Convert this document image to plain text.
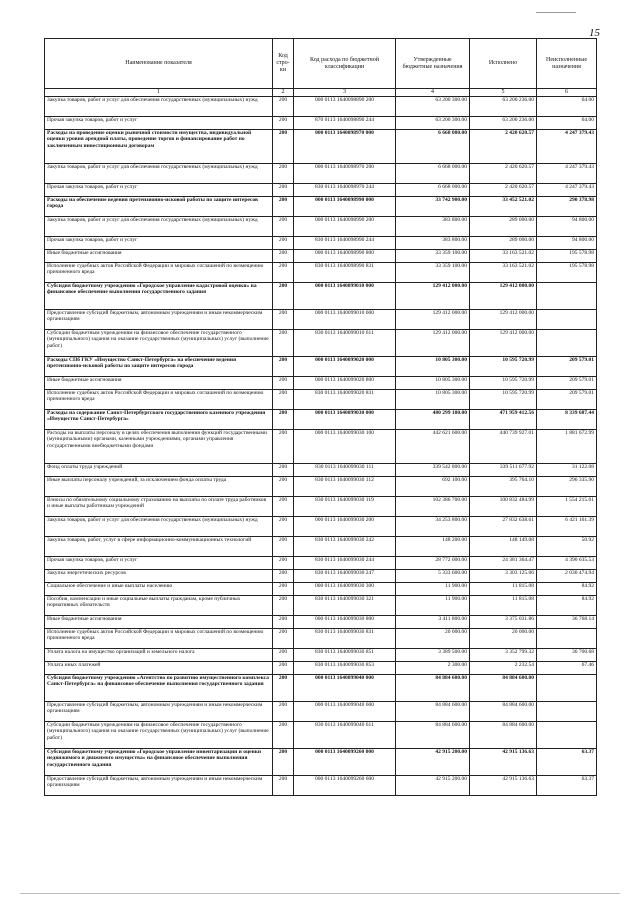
15
Наименование показателя	Код стро-ки	Код расхода по бюджетной классификации	Утвержденные бюджетные назначения	Исполнено	Неисполненные назначения
1	2	3	4	5	6
Закупка товаров, работ и услуг для обеспечения государственных (муниципальных) нужд	200	000 0113 1640098890 200	63 200 300.00	63 200 236.00	64.00
Прочая закупка товаров, работ и услуг	200	870 0113 1640098890 244	63 200 300.00	63 200 236.00	64.00
Расходы на проведение оценки рыночной стоимости имущества, индивидуальной оценки уровня арендной платы, проведение торгов и финансирование работ по заключенным инвестиционным договорам	200	000 0113 1640098970 000	6 668 000.00	2 420 620.57	4 247 379.43
Закупка товаров, работ и услуг для обеспечения государственных (муниципальных) нужд	200	000 0113 1640098970 200	6 668 000.00	2 420 620.57	4 247 379.43
Прочая закупка товаров, работ и услуг	200	830 0113 1640098970 244	6 668 000.00	2 420 620.57	4 247 379.43
Расходы на обеспечение ведения претензионно-исковой работы по защите интересов города	200	000 0113 1640098990 000	33 742 900.00	33 452 521.02	290 378.98
Закупка товаров, работ и услуг для обеспечения государственных (муниципальных) нужд	200	000 0113 1640098990 200	383 800.00	289 000.00	94 800.00
Прочая закупка товаров, работ и услуг	200	830 0113 1640098990 244	383 800.00	289 000.00	94 800.00
Иные бюджетные ассигнования	200	000 0113 1640098990 800	33 359 100.00	33 163 521.02	195 578.98
Исполнение судебных актов Российской Федерации и мировых соглашений по возмещению причиненного вреда	200	830 0113 1640098990 831	33 359 100.00	33 163 521.02	195 578.98
Субсидия бюджетному учреждению «Городское управление кадастровой оценки» на финансовое обеспечение выполнения государственного задания	200	000 0113 1640099010 000	129 412 000.00	129 412 000.00	
Предоставление субсидий бюджетным, автономным учреждениям и иным некоммерческим организациям	200	000 0113 1640099010 600	129 412 000.00	129 412 000.00	
Субсидии бюджетным учреждениям на финансовое обеспечение государственного (муниципального) задания на оказание государственных (муниципальных) услуг (выполнение работ)	200	830 0113 1640099010 611	129 412 000.00	129 412 000.00	
Расходы СПб ГКУ «Имущество Санкт-Петербурга» на обеспечение ведения претензионно-исковой работы по защите интересов города	200	000 0113 1640099020 000	10 805 300.00	10 595 720.99	209 579.01
Иные бюджетные ассигнования	200	000 0113 1640099020 800	10 805 300.00	10 595 720.99	209 579.01
Исполнение судебных актов Российской Федерации и мировых соглашений по возмещению причиненного вреда	200	830 0113 1640099020 831	10 805 300.00	10 595 720.99	209 579.01
Расходы на содержание Санкт-Петербургского государственного казенного учреждения «Имущество Санкт-Петербурга»	200	000 0113 1640099030 000	480 299 100.00	471 959 412.56	8 339 687.44
Расходы на выплаты персоналу в целях обеспечения выполнения функций государственными (муниципальными) органами, казенными учреждениями, органами управления государственными внебюджетными фондами	200	000 0113 1640099030 100	442 621 600.00	440 739 927.01	1 881 672.99
Фонд оплаты труда учреждений	200	830 0113 1640099030 111	339 542 800.00	339 511 677.92	31 122.08
Иные выплаты персоналу учреждений, за исключением фонда оплаты труда	200	830 0113 1640099030 112	692 100.00	395 764.10	296 335.90
Взносы по обязательному социальному страхованию на выплаты по оплате труда работников и иные выплаты работникам учреждений	200	830 0113 1640099030 119	102 386 700.00	100 832 484.99	1 554 215.01
Закупка товаров, работ и услуг для обеспечения государственных (муниципальных) нужд	200	000 0113 1640099030 200	34 253 800.00	27 832 638.61	6 421 161.39
Закупка товаров, работ, услуг в сфере информационно-коммуникационных технологий	200	830 0113 1640099030 242	148 200.00	148 149.08	50.92
Прочая закупка товаров, работ и услуг	200	830 0113 1640099030 244	28 772 000.00	24 381 364.47	4 390 635.53
Закупка энергетических ресурсов	200	830 0113 1640099030 247	5 333 600.00	3 303 125.06	2 030 474.94
Социальное обеспечение и иные выплаты населению	200	000 0113 1640099030 300	11 900.00	11 815.08	84.92
Пособия, компенсации и иные социальные выплаты гражданам, кроме публичных нормативных обязательств	200	830 0113 1640099030 321	11 900.00	11 815.08	84.92
Иные бюджетные ассигнования	200	000 0113 1640099030 800	3 411 800.00	3 375 031.86	36 768.14
Исполнение судебных актов Российской Федерации и мировых соглашений по возмещению причиненного вреда	200	830 0113 1640099030 831	20 000.00	20 000.00	
Уплата налога на имущество организаций и земельного налога	200	830 0113 1640099030 851	3 389 500.00	3 352 799.32	36 700.68
Уплата иных платежей	200	830 0113 1640099030 853	2 300.00	2 232.54	67.46
Субсидия бюджетному учреждению «Агентство по развитию имущественного комплекса Санкт-Петербурга» на финансовое обеспечение выполнения государственного задания	200	000 0113 1640099040 000	84 884 600.00	84 884 600.00	
Предоставление субсидий бюджетным, автономным учреждениям и иным некоммерческим организациям	200	000 0113 1640099040 600	84 884 600.00	84 884 600.00	
Субсидии бюджетным учреждениям на финансовое обеспечение государственного (муниципального) задания на оказание государственных (муниципальных) услуг (выполнение работ)	200	830 0113 1640099040 611	84 884 600.00	84 884 600.00	
Субсидия бюджетному учреждению «Городское управление инвентаризации и оценки недвижимого и движимого имущества» на финансовое обеспечение выполнения государственного задания	200	000 0113 1640099260 000	42 915 200.00	42 915 136.63	63.37
Предоставление субсидий бюджетным, автономным учреждениям и иным некоммерческим организациям	200	000 0113 1640099260 600	42 915 200.00	42 915 136.63	63.37
